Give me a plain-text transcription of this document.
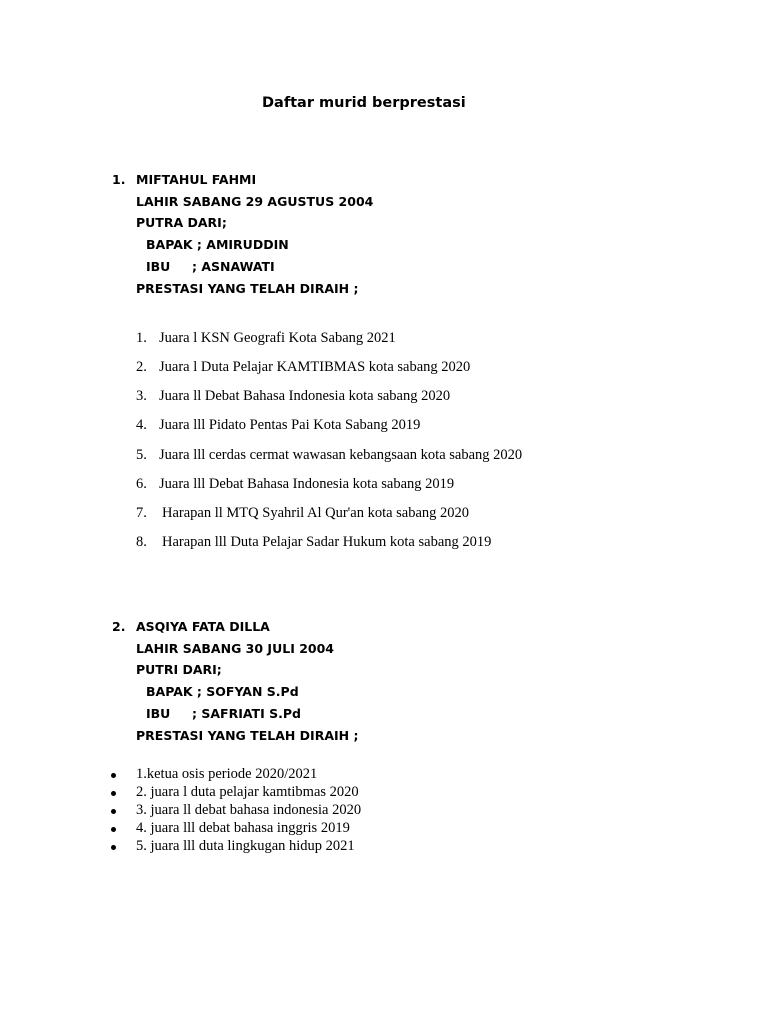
Daftar murid berprestasi
1. MIFTAHUL FAHMI
LAHIR SABANG 29 AGUSTUS 2004
PUTRA DARI;
BAPAK ; AMIRUDDIN
IBU ; ASNAWATI
PRESTASI YANG TELAH DIRAIH ;
1. Juara l KSN Geografi Kota Sabang 2021
2. Juara l Duta Pelajar KAMTIBMAS kota sabang 2020
3. Juara ll Debat Bahasa Indonesia kota sabang 2020
4. Juara lll Pidato Pentas Pai Kota Sabang 2019
5. Juara lll cerdas cermat wawasan kebangsaan kota sabang 2020
6. Juara lll Debat Bahasa Indonesia kota sabang 2019
7. Harapan ll MTQ Syahril Al Qur'an kota sabang 2020
8. Harapan lll Duta Pelajar Sadar Hukum kota sabang 2019
2. ASQIYA FATA DILLA
LAHIR SABANG 30 JULI 2004
PUTRI DARI;
BAPAK ; SOFYAN S.Pd
IBU ; SAFRIATI S.Pd
PRESTASI YANG TELAH DIRAIH ;
1.ketua osis periode 2020/2021
2. juara l duta pelajar kamtibmas 2020
3. juara ll debat bahasa indonesia 2020
4. juara lll debat bahasa inggris 2019
5. juara lll duta lingkugan hidup 2021
